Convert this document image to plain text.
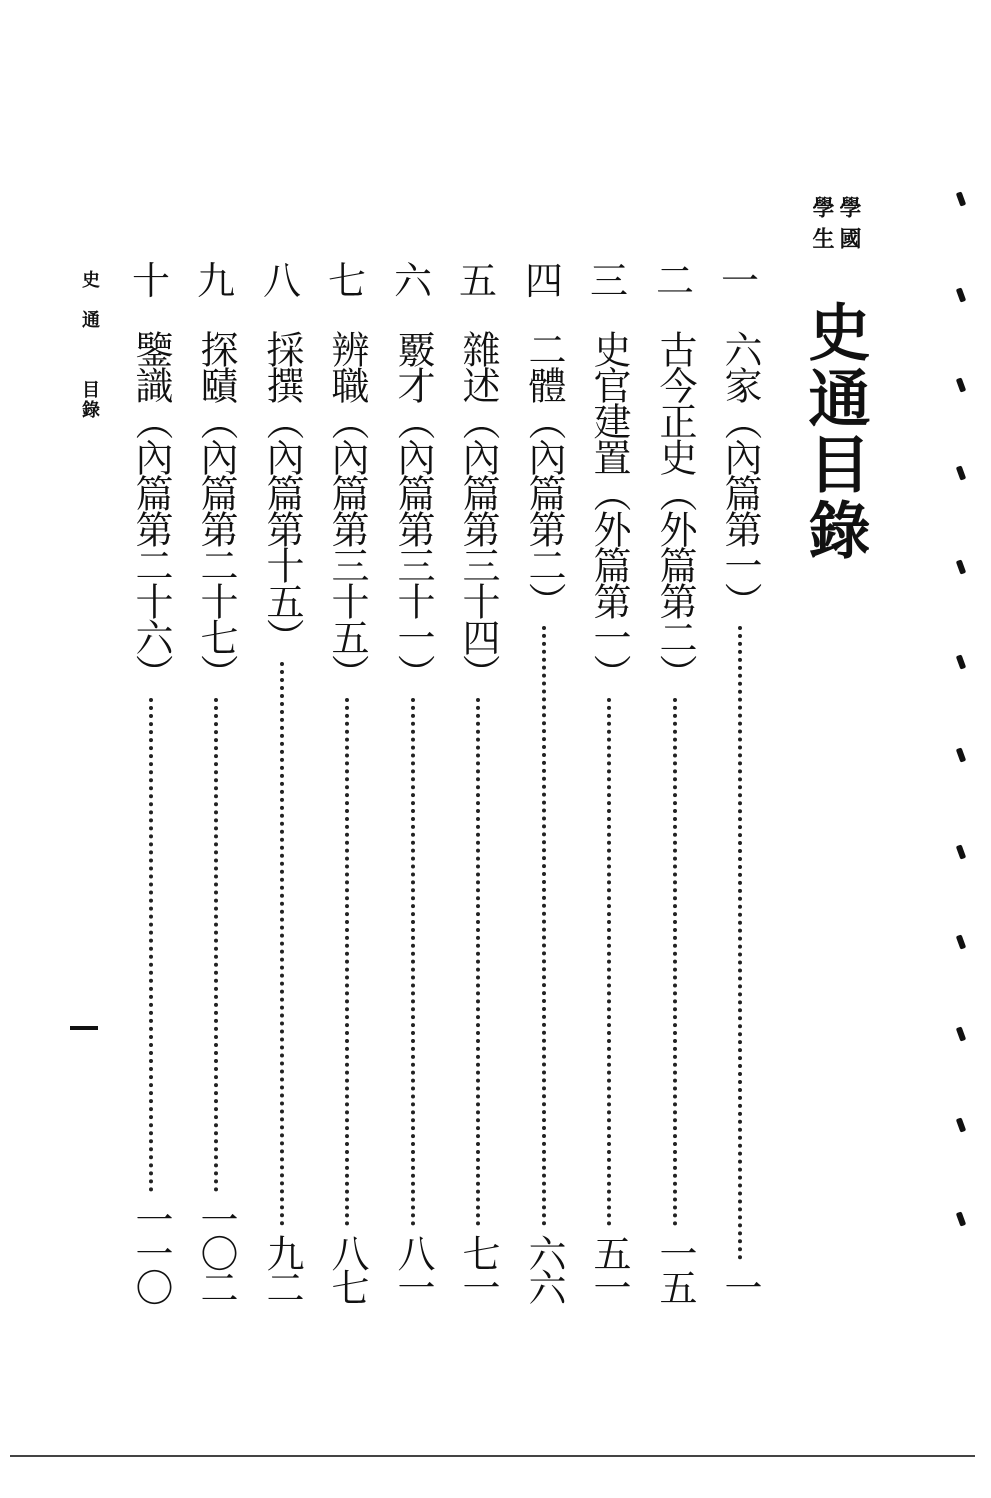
學國
學生
史通目錄
一
六家（內篇第一）
一
二
古今正史（外篇第二）
一五
三
史官建置（外篇第一）
五一
四
二體（內篇第二）
六六
五
雜述（內篇第三十四）
七一
六
覈才（內篇第三十一）
八一
七
辨職（內篇第三十五）
八七
八
採撰（內篇第十五）
九二
九
探賾（內篇第二十七）
一〇二
十
鑒識（內篇第二十六）
一一〇
史通
目錄
